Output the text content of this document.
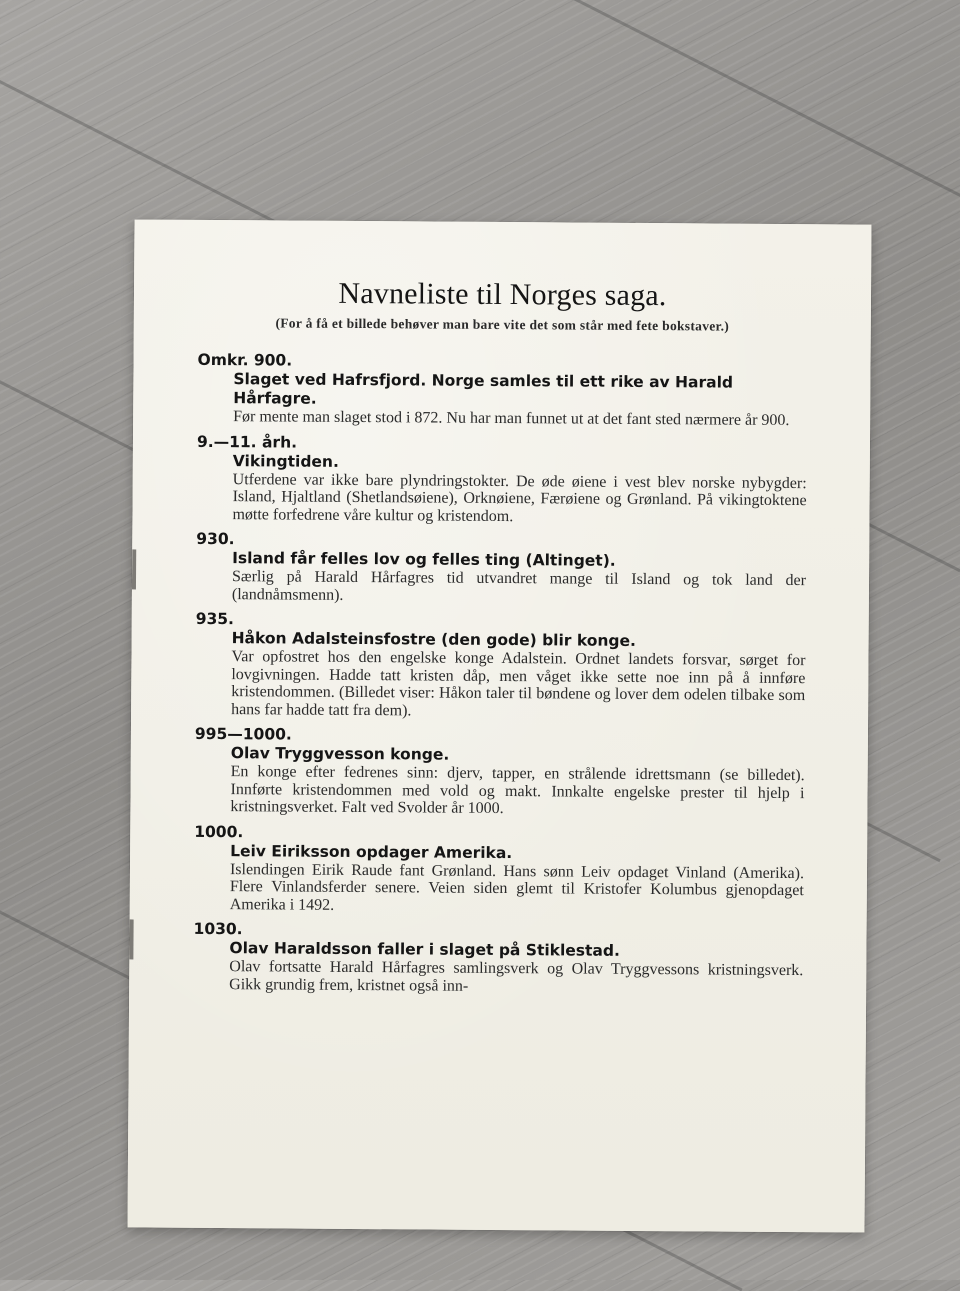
Navneliste til Norges saga.
(For å få et billede behøver man bare vite det som står med fete bokstaver.)
Omkr. 900.
Slaget ved Hafrsfjord. Norge samles til ett rike av Harald Hårfagre.
Før mente man slaget stod i 872. Nu har man funnet ut at det fant sted nærmere år 900.
9.—11. årh.
Vikingtiden.
Utferdene var ikke bare plyndringstokter. De øde øiene i vest blev norske nybygder: Island, Hjaltland (Shetlandsøiene), Orknøiene, Færøiene og Grønland. På vikingtoktene møtte forfedrene våre kultur og kristendom.
930.
Island får felles lov og felles ting (Altinget).
Særlig på Harald Hårfagres tid utvandret mange til Island og tok land der (landnåmsmenn).
935.
Håkon Adalsteinsfostre (den gode) blir konge.
Var opfostret hos den engelske konge Adalstein. Ordnet landets forsvar, sørget for lovgivningen. Hadde tatt kristen dåp, men våget ikke sette noe inn på å innføre kristendommen. (Billedet viser: Håkon taler til bøndene og lover dem odelen tilbake som hans far hadde tatt fra dem).
995—1000.
Olav Tryggvesson konge.
En konge efter fedrenes sinn: djerv, tapper, en strålende idrettsmann (se billedet). Innførte kristendommen med vold og makt. Innkalte engelske prester til hjelp i kristningsverket. Falt ved Svolder år 1000.
1000.
Leiv Eiriksson opdager Amerika.
Islendingen Eirik Raude fant Grønland. Hans sønn Leiv opdaget Vinland (Amerika). Flere Vinlandsferder senere. Veien siden glemt til Kristofer Kolumbus gjenopdaget Amerika i 1492.
1030.
Olav Haraldsson faller i slaget på Stiklestad.
Olav fortsatte Harald Hårfagres samlingsverk og Olav Tryggvessons kristningsverk. Gikk grundig frem, kristnet også inn-
